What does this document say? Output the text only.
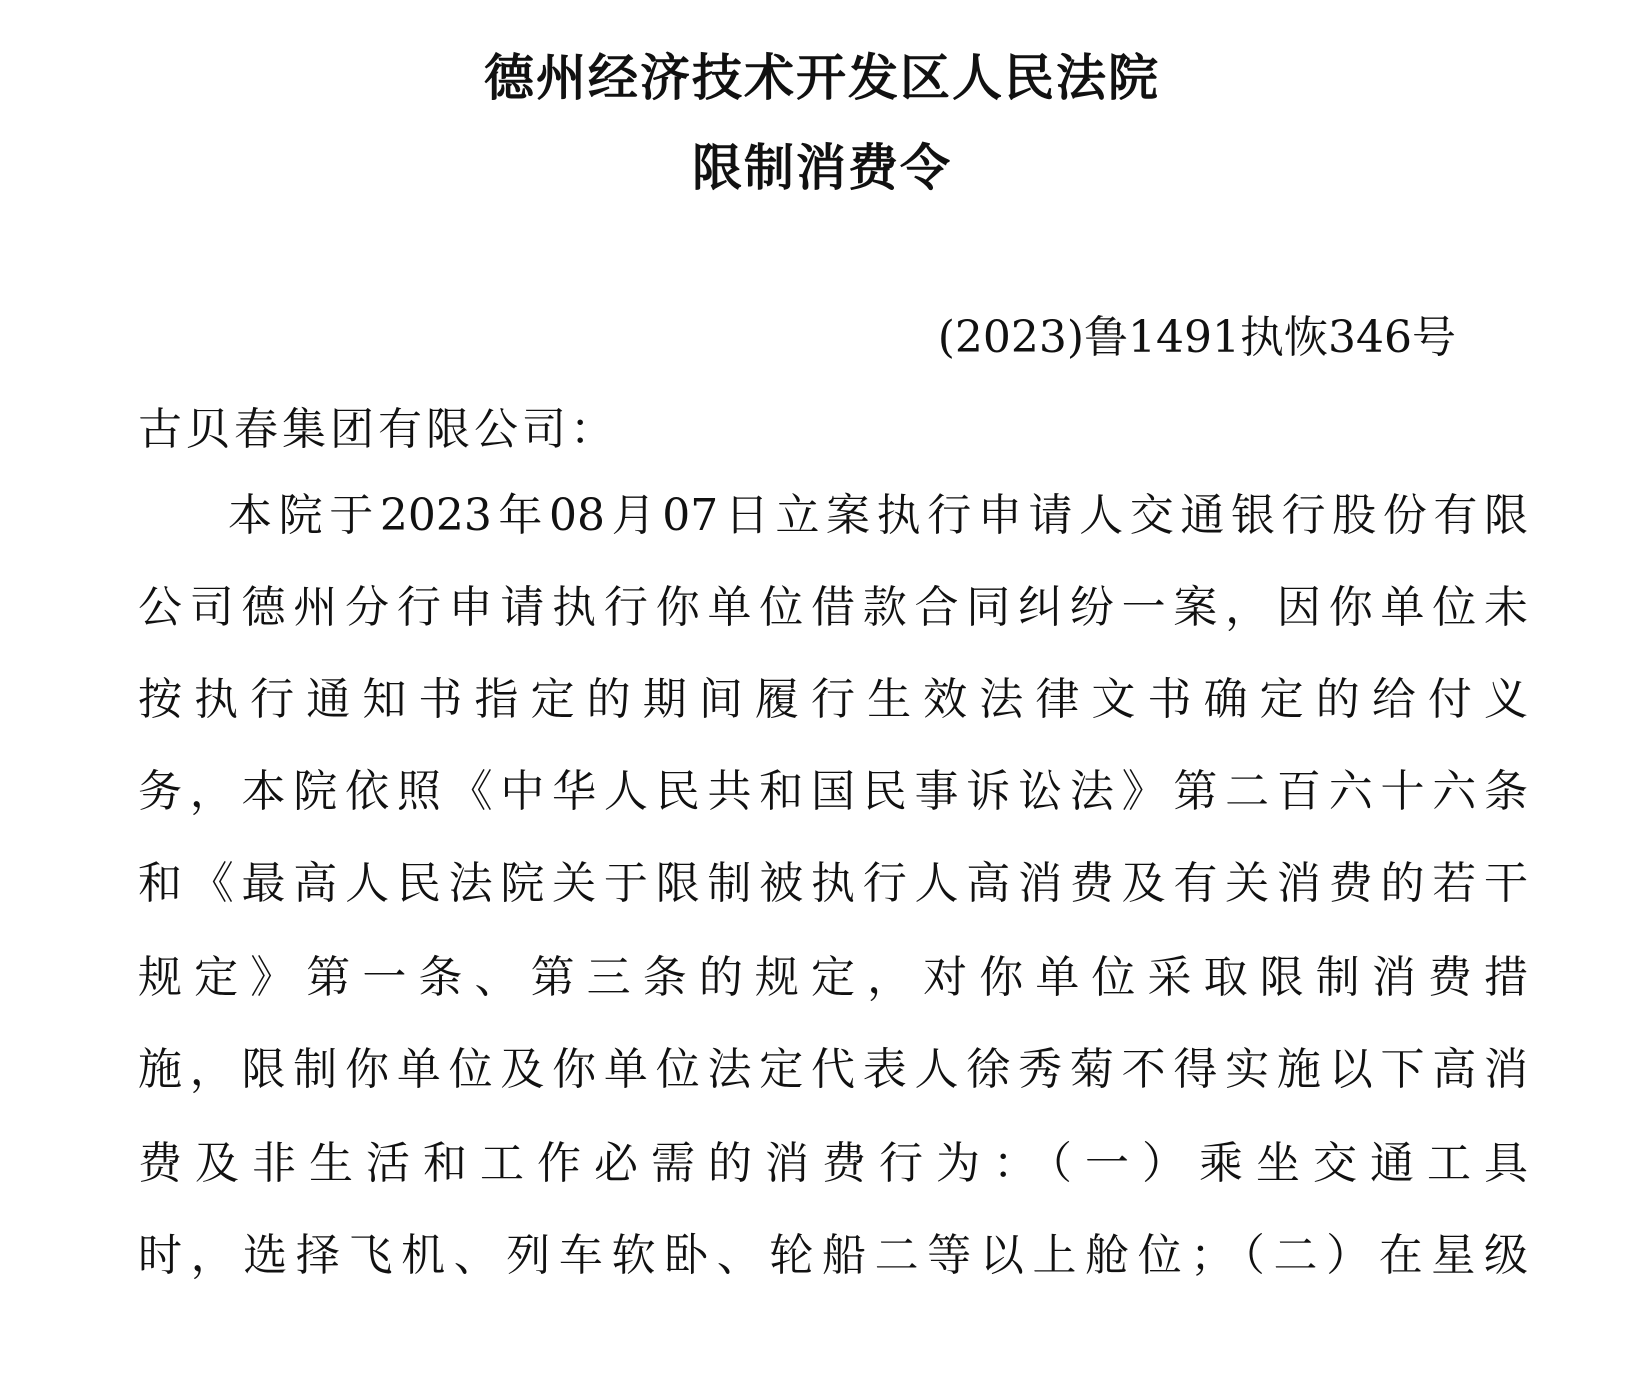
德州经济技术开发区人民法院
限制消费令

(2023)鲁1491执恢346号

古贝春集团有限公司：

本院于2023年08月07日立案执行申请人交通银行股份有限

公司德州分行申请执行你单位借款合同纠纷一案，因你单位未

按执行通知书指定的期间履行生效法律文书确定的给付义

务，本院依照《中华人民共和国民事诉讼法》第二百六十六条

和《最高人民法院关于限制被执行人高消费及有关消费的若干

规定》第一条、第三条的规定，对你单位采取限制消费措

施，限制你单位及你单位法定代表人徐秀菊不得实施以下高消

费及非生活和工作必需的消费行为：（一）乘坐交通工具

时，选择飞机、列车软卧、轮船二等以上舱位；（二）在星级
